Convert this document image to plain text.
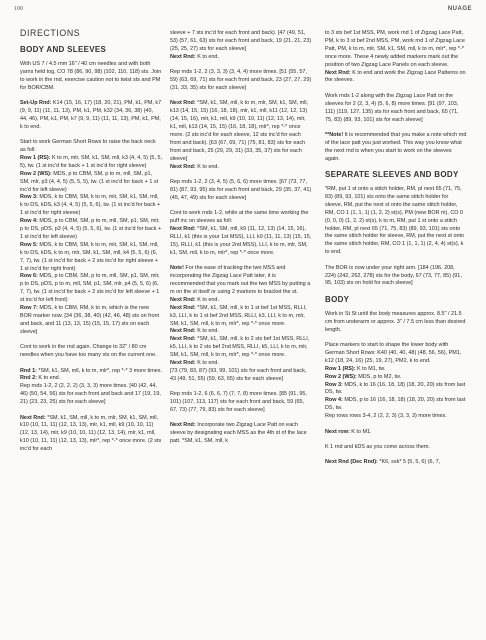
100	NUAGE
DIRECTIONS
BODY AND SLEEVES

With US 7 / 4.5 mm 16" / 40 cm needles and with both yarns held tog, CO 78 (86, 90, 98) (102, 110, 118) sts. Join to work in the rnd, exercise caution not to twist sts and PM for BOR/CBM.

Set-Up Rnd: K14 (15, 16, 17) (18, 20, 21), PM, k1, PM, k7 (9, 9, 11) (11, 11, 13), PM, k1, PM, k32 (34, 36, 38) (40, 44, 46), PM, k1, PM, k7 (9, 9, 11) (11, 11, 13), PM, k1, PM, k to end.

Start to work German Short Rows to raise the back neck as foll:

Row 1 (RS): K to m, mlr, SM, k1, SM, mll, k3 (4, 4, 5) (5, 5, 5), tw. (1 st inc'd for back + 1 st inc'd for right sleeve)

Row 2 (WS): MDS, p to CBM, SM, p to m, mll, SM, p1, SM, mlr, p3 (4, 4, 5) (5, 5, 5), tw. (1 st inc'd for back + 1 st inc'd for left sleeve)

Row 3: MDS, k to CBM, SM, k to m, mlr, SM, k1, SM, mll, k to DS, kDS, k3 (4, 4, 5) (5, 5, 6), tw. (1 st inc'd for back + 1 st inc'd for right sleeve)

Row 4: MDS, p to CBM, SM, p to m, mll, SM, p1, SM, mlr, p to DS, pDS, p3 (4, 4, 5) (5, 5, 6), tw. (1 st inc'd for back + 1 st inc'd for left sleeve)

Row 5: MDS, k to CBM, SM, k to m, mlr, SM, k1, SM, mll, k to DS, kDS, k to m, mlr, SM, k1, SM, mll, k4 (5, 5, 6) (6, 7, 7), tw. (1 st inc'd for back + 2 sts inc'd for right sleeve + 1 st inc'd for right front)

Row 6: MDS, p to CBM, SM, p to m, mll, SM, p1, SM, mlr, p to DS, pDS, p to m, mll, SM, p1, SM, mlr, p4 (5, 5, 6) (6, 7, 7), tw. (1 st inc'd for back + 2 sts inc'd for left sleeve + 1 st inc'd for left front)

Row 7: MDS, k to CBM, RM, k to m, which is the new BOR marker now. [34 (36, 38, 40) (42, 46, 48) sts on front and back, and 11 (13, 13, 15) (15, 15, 17) sts on each sleeve]

Cont to work in the rnd again. Change to 32" / 80 cm needles when you have too many sts on the current one.

Rnd 1: *SM, k1, SM, mll, k to m, mlr*, rep *-* 3 more times.

Rnd 2: K to end.

Rep rnds 1-2, 2 (2, 2, 2) (3, 3, 3) more times. [40 (42, 44, 46) (50, 54, 56) sts for each front and back and 17 (19, 19, 21) (23, 23, 25) sts for each sleeve]

Next Rnd: *SM, k1, SM, mll, k to m, mlr, SM, k1, SM, mll, k10 (10, 11, 11) (12, 13, 13), mlr, k1, mll, k9 (10, 10, 11) (12, 13, 14), mlr, k9 (10, 10, 11) (12, 13, 14), mlr, k1, mll, k10 (10, 11, 11) (12, 13, 13), mlr*, rep *-* once more. (2 sts inc'd for each

sleeve + 7 sts inc'd for each front and back). [47 (49, 51, 53) (57, 61, 63) sts for each front and back, 19 (21, 21, 23) (25, 25, 27) sts for each sleeve]

Next Rnd: K to end.

Rep rnds 1-2, 2 (3, 3, 3) (3, 4, 4) more times. [51 (55, 57, 59) (63, 69, 71) sts for each front and back, 23 (27, 27, 29) (31, 33, 35) sts for each sleeve]

Next Rnd: *SM, k1, SM, mll, k to m, mlr, SM, k1, SM, mll, k13 (14, 15, 15) (16, 18, 18), mlr, k1, mll, k11 (12, 12, 13) (14, 15, 16), mlr, k1, mll, k9 (10, 10, 11) (12, 13, 14), mlr, k1, mll, k13 (14, 15, 15) (16, 18, 18), mlr*, rep *-* once more. (2 sts inc'd for each sleeve, 12 sts inc'd for each front and back). [63 (67, 69, 71) (75, 81, 83) sts for each front and back, 25 (29, 29, 31) (33, 35, 37) sts for each sleeve]

Next Rnd: K to end.

Rep rnds 1-2, 2 (3, 4, 5) (5, 6, 6) more times. [67 (73, 77, 81) (87, 93, 95) sts for each front and back, 29 (35, 37, 41) (45, 47, 49) sts for each sleeve]

Cont to work rnds 1-2, while at the same time working the puff inc on sleeves as foll:

Next Rnd: *SM, k1, SM, mll, k9 (11, 12, 13) (14, 15, 16), RLLI, k1 (this is your 1st MSS), LLI, k9 (11, 11, 13) (15, 15, 15), RLLI, k1 (this is your 2nd MSS), LLI, k to m, mlr, SM, k1, SM, mll, k to m, mlr*, rep *-* once more.

Note! For the ease of tracking the two MSS and incorporating the Zigzag Lace Patt later, it is recommended that you mark out the two MSS by putting a m on the st itself or using 2 markers to bracket the st.

Next Rnd: K to end.

Next Rnd: *SM, k1, SM, mll, k to 1 st bef 1st MSS, RLLI, k3, LLI, k to 1 st bef 2nd MSS, RLLI, k3, LLI, k to m, mlr, SM, k1, SM, mll, k to m, mlr*, rep *-* once more.

Next Rnd: K to end.

Next Rnd: *SM, k1, SM, mll, k to 2 sts bef 1st MSS, RLLI, k5, LLI, k to 2 sts bef 2nd MSS, RLLI, k5, LLI, k to m, mlr, SM, k1, SM, mll, k to m, mlr*, rep *-* once more.

Next Rnd: K to end.

[73 (79, 83, 87) (93, 99, 101) sts for each front and back, 43 (49, 51, 55) (59, 63, 65) sts for each sleeve]

Rep rnds 1-2, 6 (6, 6, 7) (7, 7, 8) more times. [85 (91, 95, 101) (107, 113, 117) sts for each front and back, 59 (65, 67, 73) (77, 79, 83) sts for each sleeve]

Next Rnd: Incorporate two Zigzag Lace Patt on each sleeve by designating each MSS as the 4th st of the lace patt. *SM, k1, SM, mll, k

to 3 sts bef 1st MSS, PM, work rnd 1 of Zigzag Lace Patt, PM, k to 3 st bef 2nd MSS, PM, work rnd 1 of Zigzag Lace Patt, PM, k to m, mlr, SM, k1, SM, mll, k to m, mlr*, rep *-* once more. These 4 newly added markers mark out the position of two Zigzag Lace Panels on each sleeve.

Next Rnd: K to end and work the Zigzag Lace Patterns on the sleeves.

Work rnds 1-2 along with the Zigzag Lace Patt on the sleeves for 2 (2, 3, 4) (5, 6, 8) more times. [91 (97, 103, 111) (119, 127, 135) sts for each front and back, 65 (71, 75, 83) (89, 93, 101) sts for each sleeve]

**Note! It is recommended that you make a note which rnd of the lace patt you just worked. This way you know what the next rnd is when you start to work on the sleeves again.

SEPARATE SLEEVES AND BODY

*RM, put 1 st onto a stitch holder, RM, pl next 65 (71, 75, 83) (89, 93, 101) sts onto the same stitch holder for sleeve, RM, put the next st onto the same stitch holder, RM, CO 1 (1, 1, 1) (1, 2, 2) st(s), PM (new BOR m), CO 0 (0, 0, 0) (1, 2, 2) st(s), k to m, RM, put 1 st onto a stitch holder, RM, pl next 65 (71, 75, 83) (89, 93, 101) sts onto the same stitch holder for sleeve, RM, put the next st onto the same stitch holder, RM, CO 1 (1, 1, 1) (2, 4, 4) st(s), k to end.

The BOR is now under your right arm. [184 (196, 208, 224) (242, 262, 278) sts for the body, 67 (73, 77, 85) (91, 95, 103) sts on hold for each sleeve]

BODY

Work in St St until the body measures approx. 8.5" / 21.5 cm from underarm or approx. 3" / 7.5 cm less than desired length.

Place markers to start to shape the lower body with German Short Rows: K40 (40, 40, 48) (48, 56, 56), PM1, k12 (18, 24, 16) (25, 19, 27), PM2, k to end.

Row 1 (RS): K to M1, tw.

Row 2 (WS): MDS, p to M2, tw.

Row 3: MDS, k to 16 (16, 18, 18) (18, 20, 20) sts from last DS, tw.

Row 4: MDS, p to 16 (16, 18, 18) (18, 20, 20) sts from last DS, tw.

Rep rows rows 3-4, 2 (2, 2, 3) (3, 3, 3) more times.

Next row: K to M1.

K 1 rnd and kDS as you come across them.

Next Rnd (Dec Rnd): *K6, ssk* 5 (5, 5, 6) (6, 7,
